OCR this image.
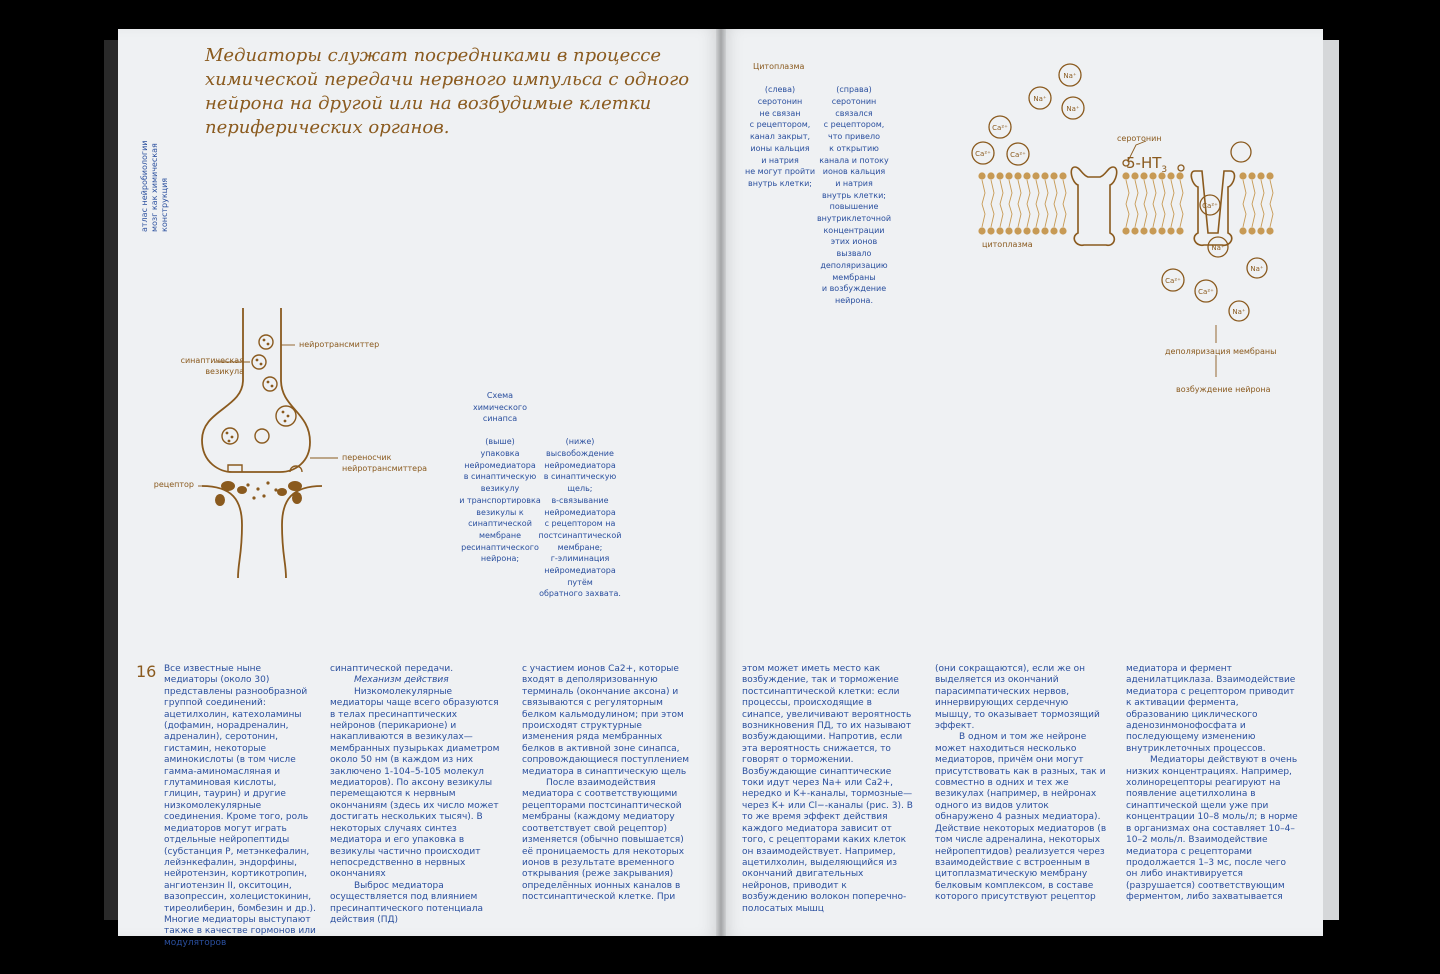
Медиаторы служат посредниками в процессе химической передачи нервного импульса с одного нейрона на другой или на возбудимые клетки периферических органов.

атлас нейробиологии мозг как химическая конструкция
нейротрансмиттер
синаптическая
везикула
переносчик
нейротрансмиттера
рецептор
Схема
химического
синапса
(выше)
упаковка
нейромедиатора
в синаптическую
везикулу
и транспортировка
везикулы к
синаптической
мембране
ресинаптического
нейрона;
(ниже)
высвобождение
нейромедиатора
в синаптическую
щель;
в-связывание
нейромедиатора
с рецептором на
постсинаптической
мембране;
г-элиминация
нейромедиатора
путём
обратного захвата.
Цитоплазма
(слева)
серотонин
не связан
с рецептором,
канал закрыт,
ионы кальция
и натрия
не могут пройти
внутрь клетки;
(справа)
серотонин
связался
с рецептором,
что привело
к открытию
канала и потоку
ионов кальция
и натрия
внутрь клетки;
повышение
внутриклеточной
концентрации
этих ионов
вызвало
деполяризацию
мембраны
и возбуждение
нейрона.
Na⁺
Na⁺
Na⁺
Ca²⁺
Ca²⁺	Ca²⁺
Ca²⁺
Na⁺
Na⁺
Ca²⁺
Ca²⁺
Na⁺
серотонин
$5-HT_3$
цитоплазма
деполяризация мембраны
возбуждение нейрона
16 Все известные ныне медиаторы (около 30) представлены разнообразной группой соединений: ацетилхолин, катехоламины (дофамин, норадреналин, адреналин), серотонин, гистамин, некоторые аминокислоты (в том числе гамма-аминомасляная и глутаминовая кислоты, глицин, таурин) и другие низкомолекулярные соединения. Кроме того, роль медиаторов могут играть отдельные нейропептиды (субстанция P, метэнкефалин, лейэнкефалин, эндорфины, нейротензин, кортикотропин, ангиотензин II, окситоцин, вазопрессин, холецистокинин, тиреолиберин, бомбезин и др.). Многие медиаторы выступают также в качестве гормонов или модуляторов

синаптической передачи.

Механизм действия

Низкомолекулярные медиаторы чаще всего образуются в телах пресинаптических нейронов (перикарионе) и накапливаются в везикулах—мембранных пузырьках диаметром около 50 нм (в каждом из них заключено 1-104–5-105 молекул медиаторов). По аксону везикулы перемещаются к нервным окончаниям (здесь их число может достигать нескольких тысяч). В некоторых случаях синтез медиатора и его упаковка в везикулы частично происходит непосредственно в нервных окончаниях

Выброс медиатора осуществляется под влиянием пресинаптического потенциала действия (ПД)

с участием ионов Са2+, которые входят в деполяризованную терминаль (окончание аксона) и связываются с регуляторным белком кальмодулином; при этом происходят структурные изменения ряда мембранных белков в активной зоне синапса, сопровождающиеся поступлением медиатора в синаптическую щель

После взаимодействия медиатора с соответствующими рецепторами постсинаптической мембраны (каждому медиатору соответствует свой рецептор) изменяется (обычно повышается) её проницаемость для некоторых ионов в результате временного открывания (реже закрывания) определённых ионных каналов в постсинаптической клетке. При

этом может иметь место как возбуждение, так и торможение постсинаптической клетки: если процессы, происходящие в синапсе, увеличивают вероятность возникновения ПД, то их называют возбуждающими. Напротив, если эта вероятность снижается, то говорят о торможении. Возбуждающие синаптические токи идут через Na+ или Ca2+, нередко и K+-каналы, тормозные—через K+ или Cl−-каналы (рис. 3). В то же время эффект действия каждого медиатора зависит от того, с рецепторами каких клеток он взаимодействует. Например, ацетилхолин, выделяющийся из окончаний двигательных нейронов, приводит к возбуждению волокон поперечно-полосатых мышц

(они сокращаются), если же он выделяется из окончаний парасимпатических нервов, иннервирующих сердечную мышцу, то оказывает тормозящий эффект.

В одном и том же нейроне может находиться несколько медиаторов, причём они могут присутствовать как в разных, так и совместно в одних и тех же везикулах (например, в нейронах одного из видов улиток обнаружено 4 разных медиатора). Действие некоторых медиаторов (в том числе адреналина, некоторых нейропептидов) реализуется через взаимодействие с встроенным в цитоплазматическую мембрану белковым комплексом, в составе которого присутствуют рецептор

медиатора и фермент аденилатциклаза. Взаимодействие медиатора с рецептором приводит к активации фермента, образованию циклического аденозинмонофосфата и последующему изменению внутриклеточных процессов.

Медиаторы действуют в очень низких концентрациях. Например, холинорецепторы реагируют на появление ацетилхолина в синаптической щели уже при концентрации 10–8 моль/л; в норме в организмах она составляет 10–4–10–2 моль/л. Взаимодействие медиатора с рецепторами продолжается 1–3 мс, после чего он либо инактивируется (разрушается) соответствующим ферментом, либо захватывается
